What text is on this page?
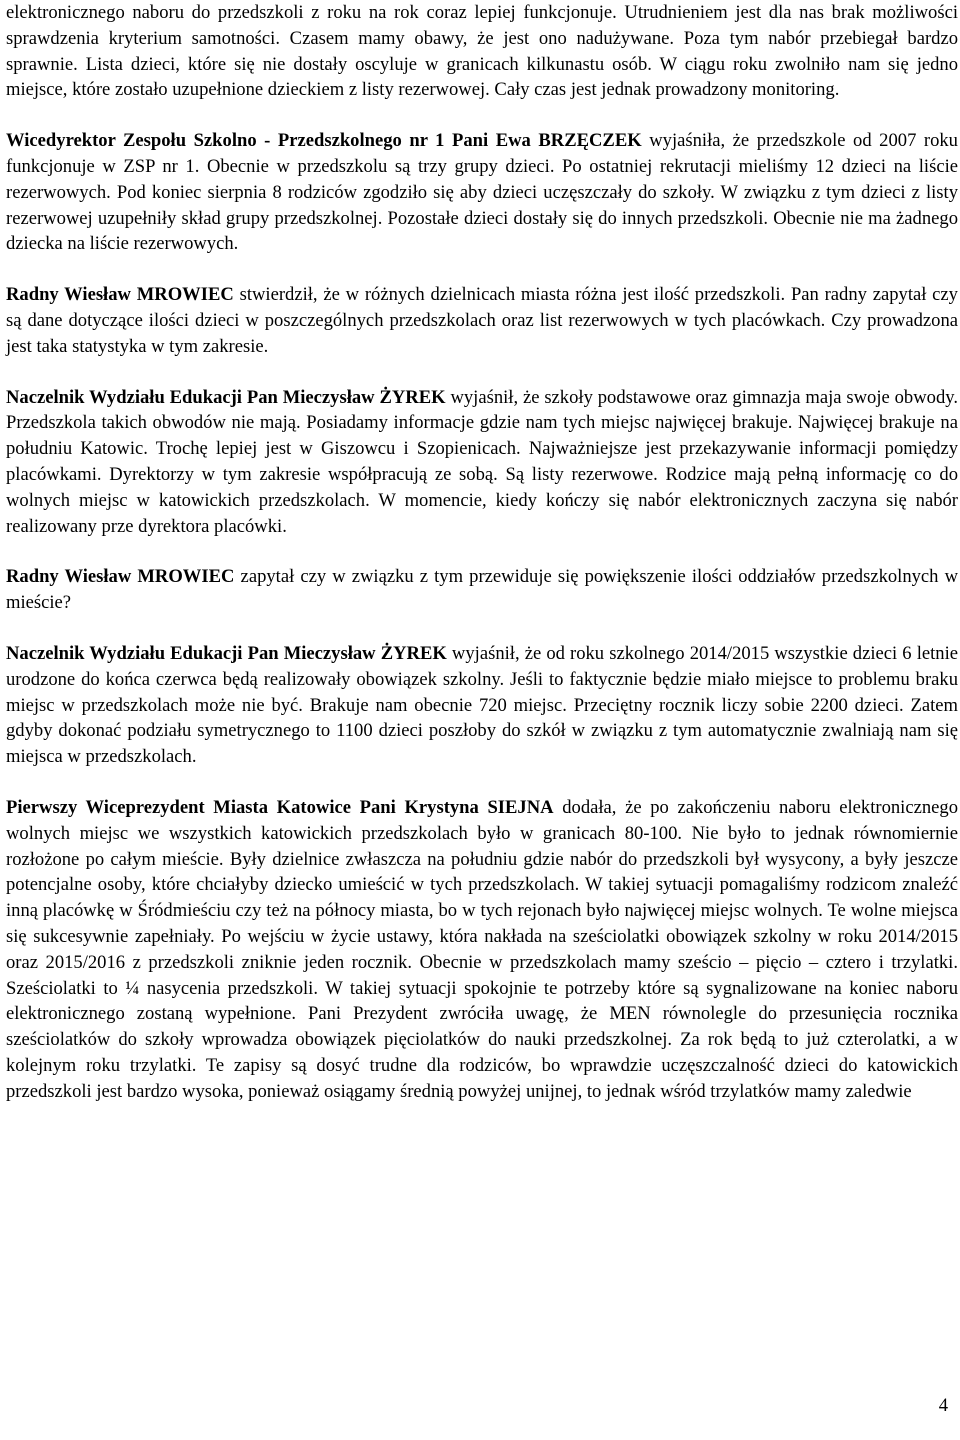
elektronicznego naboru do przedszkoli z roku na rok coraz lepiej funkcjonuje. Utrudnieniem jest dla nas brak możliwości sprawdzenia kryterium samotności. Czasem mamy obawy, że jest ono nadużywane. Poza tym nabór przebiegał bardzo sprawnie. Lista dzieci, które się nie dostały oscyluje w granicach kilkunastu osób. W ciągu roku zwolniło nam się jedno miejsce, które zostało uzupełnione dzieckiem z listy rezerwowej. Cały czas jest jednak prowadzony monitoring.

Wicedyrektor Zespołu Szkolno - Przedszkolnego nr 1 Pani Ewa BRZĘCZEK wyjaśniła, że przedszkole od 2007 roku funkcjonuje w ZSP nr 1. Obecnie w przedszkolu są trzy grupy dzieci. Po ostatniej rekrutacji mieliśmy 12 dzieci na liście rezerwowych. Pod koniec sierpnia 8 rodziców zgodziło się aby dzieci uczęszczały do szkoły. W związku z tym dzieci z listy rezerwowej uzupełniły skład grupy przedszkolnej. Pozostałe dzieci dostały się do innych przedszkoli. Obecnie nie ma żadnego dziecka na liście rezerwowych.

Radny Wiesław MROWIEC stwierdził, że w różnych dzielnicach miasta różna jest ilość przedszkoli. Pan radny zapytał czy są dane dotyczące ilości dzieci w poszczególnych przedszkolach oraz list rezerwowych w tych placówkach. Czy prowadzona jest taka statystyka w tym zakresie.

Naczelnik Wydziału Edukacji Pan Mieczysław ŻYREK wyjaśnił, że szkoły podstawowe oraz gimnazja maja swoje obwody. Przedszkola takich obwodów nie mają. Posiadamy informacje gdzie nam tych miejsc najwięcej brakuje. Najwięcej brakuje na południu Katowic. Trochę lepiej jest w Giszowcu i Szopienicach. Najważniejsze jest przekazywanie informacji pomiędzy placówkami. Dyrektorzy w tym zakresie współpracują ze sobą. Są listy rezerwowe. Rodzice mają pełną informację co do wolnych miejsc w katowickich przedszkolach. W momencie, kiedy kończy się nabór elektronicznych zaczyna się nabór realizowany prze dyrektora placówki.

Radny Wiesław MROWIEC zapytał czy w związku z tym przewiduje się powiększenie ilości oddziałów przedszkolnych w mieście?

Naczelnik Wydziału Edukacji Pan Mieczysław ŻYREK wyjaśnił, że od roku szkolnego 2014/2015 wszystkie dzieci 6 letnie urodzone do końca czerwca będą realizowały obowiązek szkolny. Jeśli to faktycznie będzie miało miejsce to problemu braku miejsc w przedszkolach może nie być. Brakuje nam obecnie 720 miejsc. Przeciętny rocznik liczy sobie 2200 dzieci. Zatem gdyby dokonać podziału symetrycznego to 1100 dzieci poszłoby do szkół w związku z tym automatycznie zwalniają nam się miejsca w przedszkolach.

Pierwszy Wiceprezydent Miasta Katowice Pani Krystyna SIEJNA dodała, że po zakończeniu naboru elektronicznego wolnych miejsc we wszystkich katowickich przedszkolach było w granicach 80-100. Nie było to jednak równomiernie rozłożone po całym mieście. Były dzielnice zwłaszcza na południu gdzie nabór do przedszkoli był wysycony, a były jeszcze potencjalne osoby, które chciałyby dziecko umieścić w tych przedszkolach. W takiej sytuacji pomagaliśmy rodzicom znaleźć inną placówkę w Śródmieściu czy też na północy miasta, bo w tych rejonach było najwięcej miejsc wolnych. Te wolne miejsca się sukcesywnie zapełniały. Po wejściu w życie ustawy, która nakłada na sześciolatki obowiązek szkolny w roku 2014/2015 oraz 2015/2016 z przedszkoli zniknie jeden rocznik. Obecnie w przedszkolach mamy sześcio – pięcio – cztero i trzylatki. Sześciolatki to ¼ nasycenia przedszkoli. W takiej sytuacji spokojnie te potrzeby które są sygnalizowane na koniec naboru elektronicznego zostaną wypełnione. Pani Prezydent zwróciła uwagę, że MEN równolegle do przesunięcia rocznika sześciolatków do szkoły wprowadza obowiązek pięciolatków do nauki przedszkolnej. Za rok będą to już czterolatki, a w kolejnym roku trzylatki. Te zapisy są dosyć trudne dla rodziców, bo wprawdzie uczęszczalność dzieci do katowickich przedszkoli jest bardzo wysoka, ponieważ osiągamy średnią powyżej unijnej, to jednak wśród trzylatków mamy zaledwie

4
